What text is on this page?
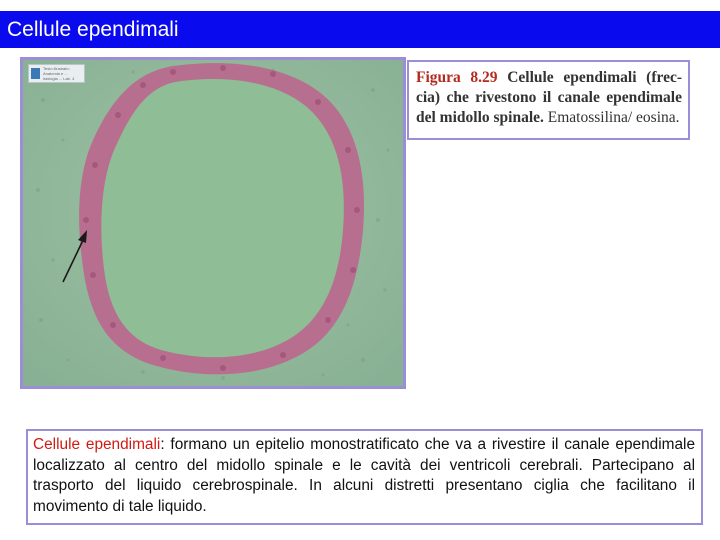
Cellule ependimali
Testo illustrato: Anatomia e ... istologia ... Lab. 4	Figura 8.29 Cellule ependimali (frec-cia) che rivestono il canale ependimale del midollo spinale. Ematossilina/ eosina.
Cellule ependimali: formano un epitelio monostratificato che va a rivestire il canale ependimale localizzato al centro del midollo spinale e le cavità dei ventricoli cerebrali. Partecipano al trasporto del liquido cerebrospinale. In alcuni distretti presentano ciglia che facilitano il movimento di tale liquido.
